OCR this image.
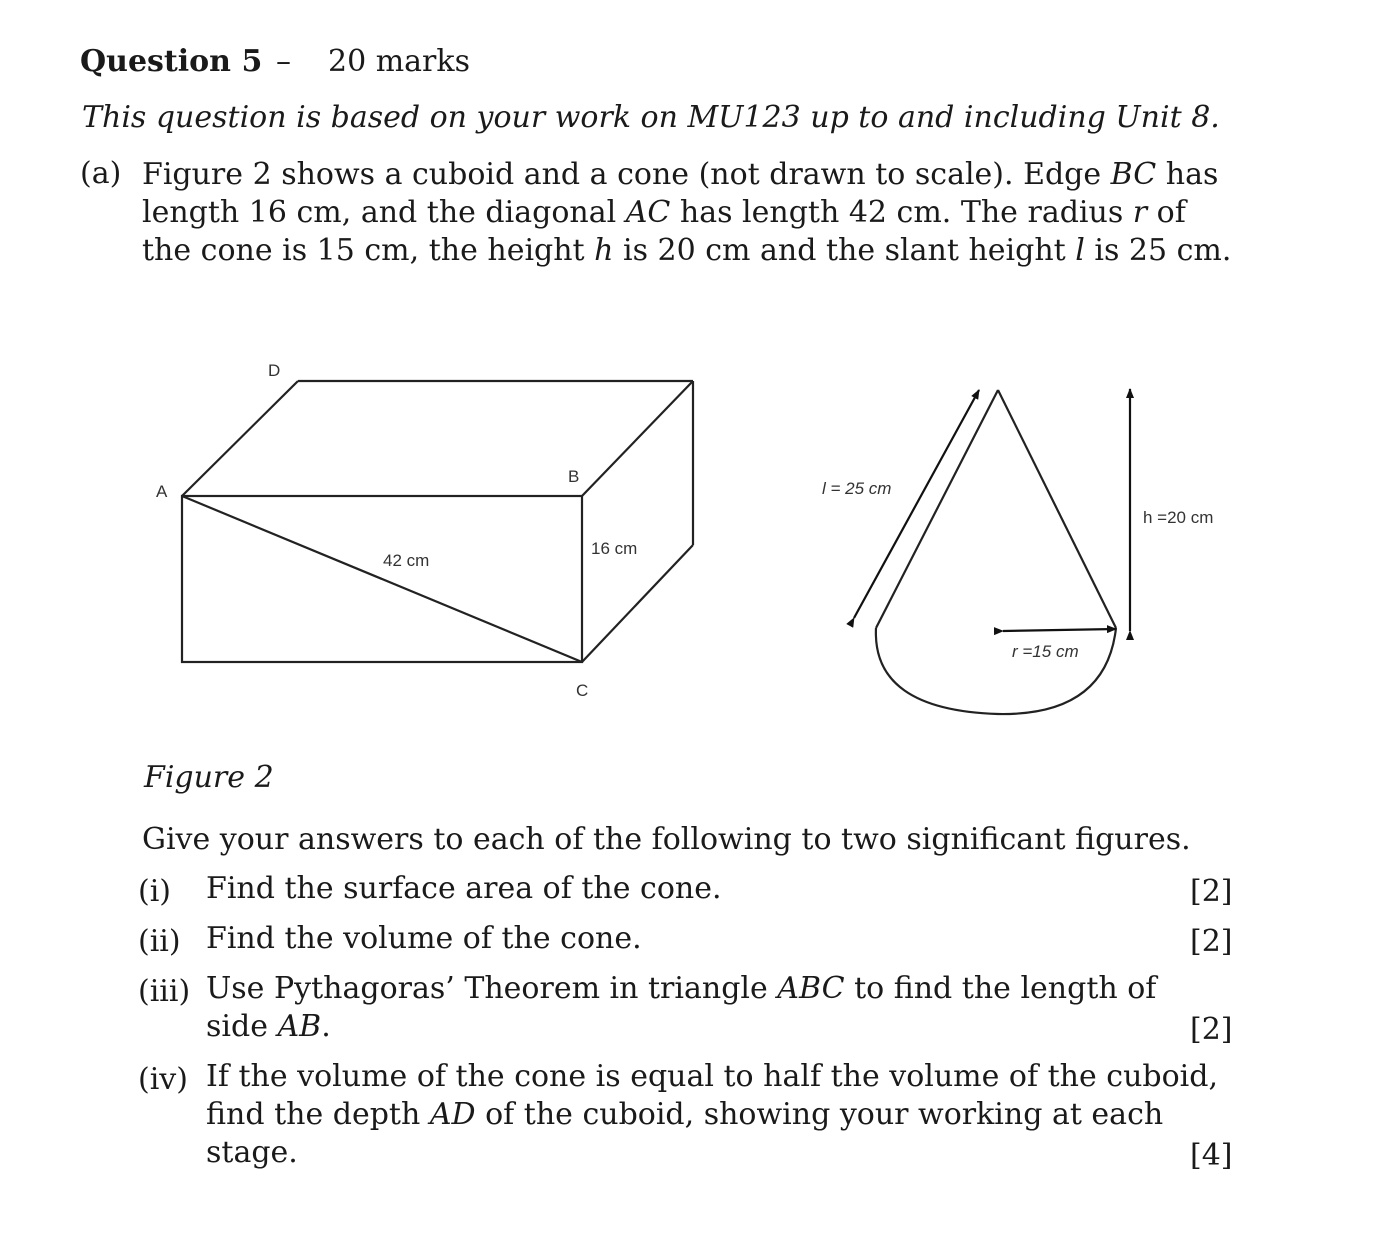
Question 5 – 20 marks
This question is based on your work on MU123 up to and including Unit 8.
(a) Figure 2 shows a cuboid and a cone (not drawn to scale). Edge BC has
length 16 cm, and the diagonal AC has length 42 cm. The radius r of
the cone is 15 cm, the height h is 20 cm and the slant height l is 25 cm.
A
D
B
C
42 cm
16 cm
l = 25 cm
h =20 cm
r =15 cm
Figure 2
Give your answers to each of the following to two significant figures.
(i) Find the surface area of the cone.	[2]
(ii) Find the volume of the cone.	[2]
(iii) Use Pythagoras’ Theorem in triangle ABC to find the length of
side AB.	[2]
(iv) If the volume of the cone is equal to half the volume of the cuboid,
find the depth AD of the cuboid, showing your working at each
stage.	[4]
